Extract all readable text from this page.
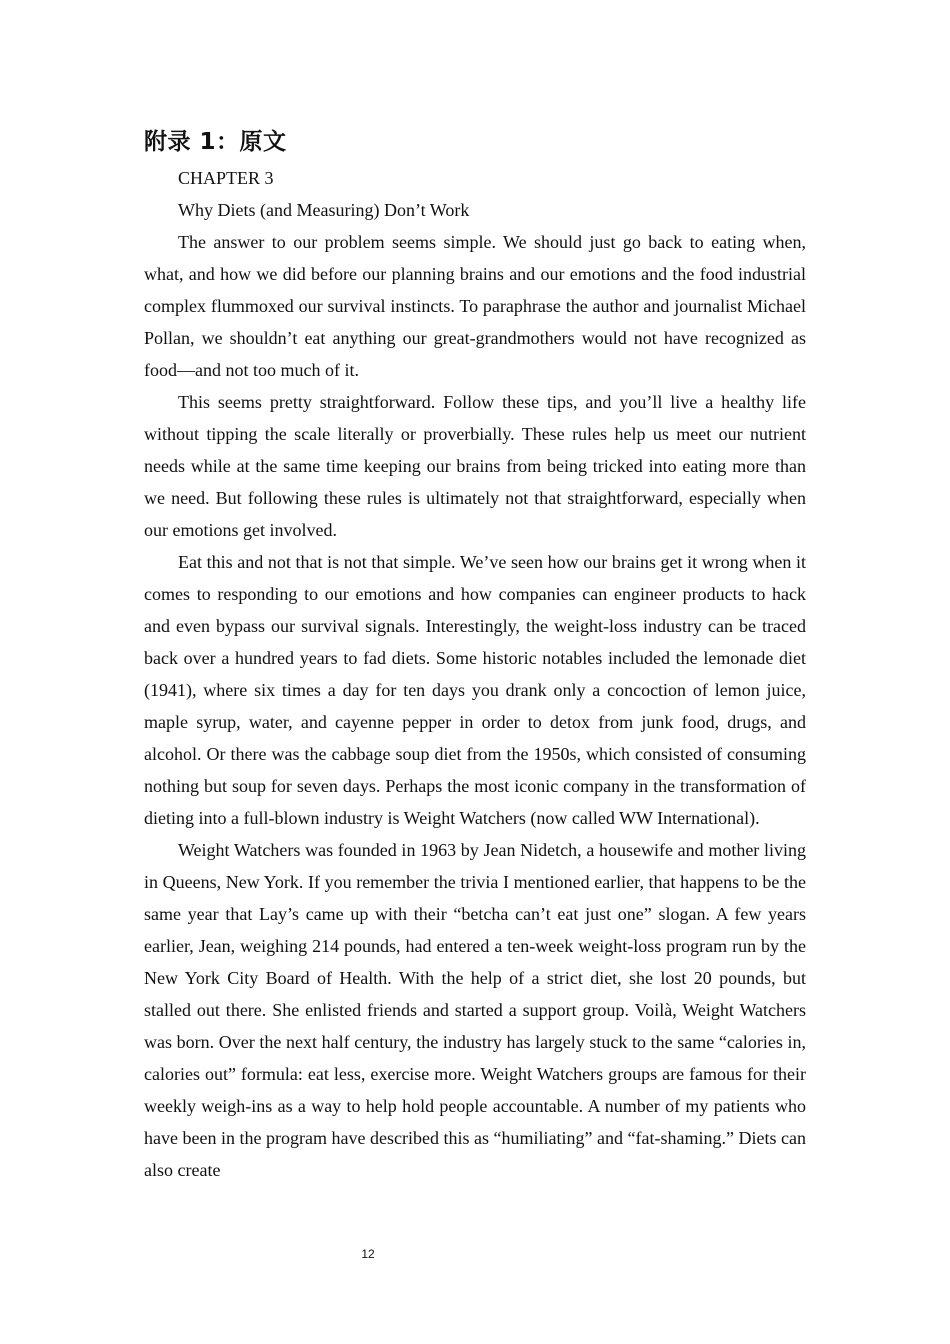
附录 1：原文

CHAPTER 3

Why Diets (and Measuring) Don’t Work

The answer to our problem seems simple. We should just go back to eating when, what, and how we did before our planning brains and our emotions and the food industrial complex flummoxed our survival instincts. To paraphrase the author and journalist Michael Pollan, we shouldn’t eat anything our great-grandmothers would not have recognized as food—and not too much of it.

This seems pretty straightforward. Follow these tips, and you’ll live a healthy life without tipping the scale literally or proverbially. These rules help us meet our nutrient needs while at the same time keeping our brains from being tricked into eating more than we need. But following these rules is ultimately not that straightforward, especially when our emotions get involved.

Eat this and not that is not that simple. We’ve seen how our brains get it wrong when it comes to responding to our emotions and how companies can engineer products to hack and even bypass our survival signals. Interestingly, the weight-loss industry can be traced back over a hundred years to fad diets. Some historic notables included the lemonade diet (1941), where six times a day for ten days you drank only a concoction of lemon juice, maple syrup, water, and cayenne pepper in order to detox from junk food, drugs, and alcohol. Or there was the cabbage soup diet from the 1950s, which consisted of consuming nothing but soup for seven days. Perhaps the most iconic company in the transformation of dieting into a full-blown industry is Weight Watchers (now called WW International).

Weight Watchers was founded in 1963 by Jean Nidetch, a housewife and mother living in Queens, New York. If you remember the trivia I mentioned earlier, that happens to be the same year that Lay’s came up with their “betcha can’t eat just one” slogan. A few years earlier, Jean, weighing 214 pounds, had entered a ten-week weight-loss program run by the New York City Board of Health. With the help of a strict diet, she lost 20 pounds, but stalled out there. She enlisted friends and started a support group. Voilà, Weight Watchers was born. Over the next half century, the industry has largely stuck to the same “calories in, calories out” formula: eat less, exercise more. Weight Watchers groups are famous for their weekly weigh-ins as a way to help hold people accountable. A number of my patients who have been in the program have described this as “humiliating” and “fat-shaming.” Diets can also create

12
